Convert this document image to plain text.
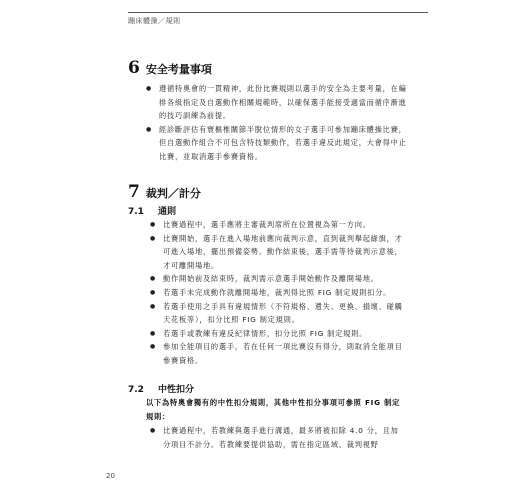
蹦床體操／規則
6 安全考量事項
● 遵循特奧會的一貫精神，此份比賽規則以選手的安全為主要考量，在編排各級指定及自選動作相關規範時，以確保選手能接受適當而循序漸進的技巧訓練為前提。
● 經診斷評估有寰樞椎關節半脫位情形的女子選手可參加蹦床體操比賽，但自選動作組合不可包含特技類動作，若選手違反此規定，大會得中止比賽，並取消選手參賽資格。
7 裁判／計分
7.1 通則
● 比賽過程中，選手應將主審裁判席所在位置視為第一方向。
● 比賽開始，選手在進入場地前應向裁判示意，直到裁判舉起綠旗，才可進入場地，擺出預備姿勢。動作結束後，選手需等待裁判示意後，才可離開場地。
● 動作開始前及結束時，裁判需示意選手開始動作及離開場地。
● 若選手未完成動作就離開場地，裁判得比照 FIG 制定規則扣分。
● 若選手使用之手具有違規情形（不符規格、遺失、更換、損壞、碰觸天花板等），扣分比照 FIG 制定規則。
● 若選手或教練有違反紀律情形，扣分比照 FIG 制定規則。
● 參加全能項目的選手，若在任何一項比賽沒有得分，則取消全能項目參賽資格。
7.2 中性扣分
以下為特奧會獨有的中性扣分規則，其他中性扣分事項可參照 FIG 制定規則：
● 比賽過程中，若教練與選手進行溝通，最多將被扣除 4.0 分，且加分項目不計分。若教練要提供協助，需在指定區域、裁判視野
20
